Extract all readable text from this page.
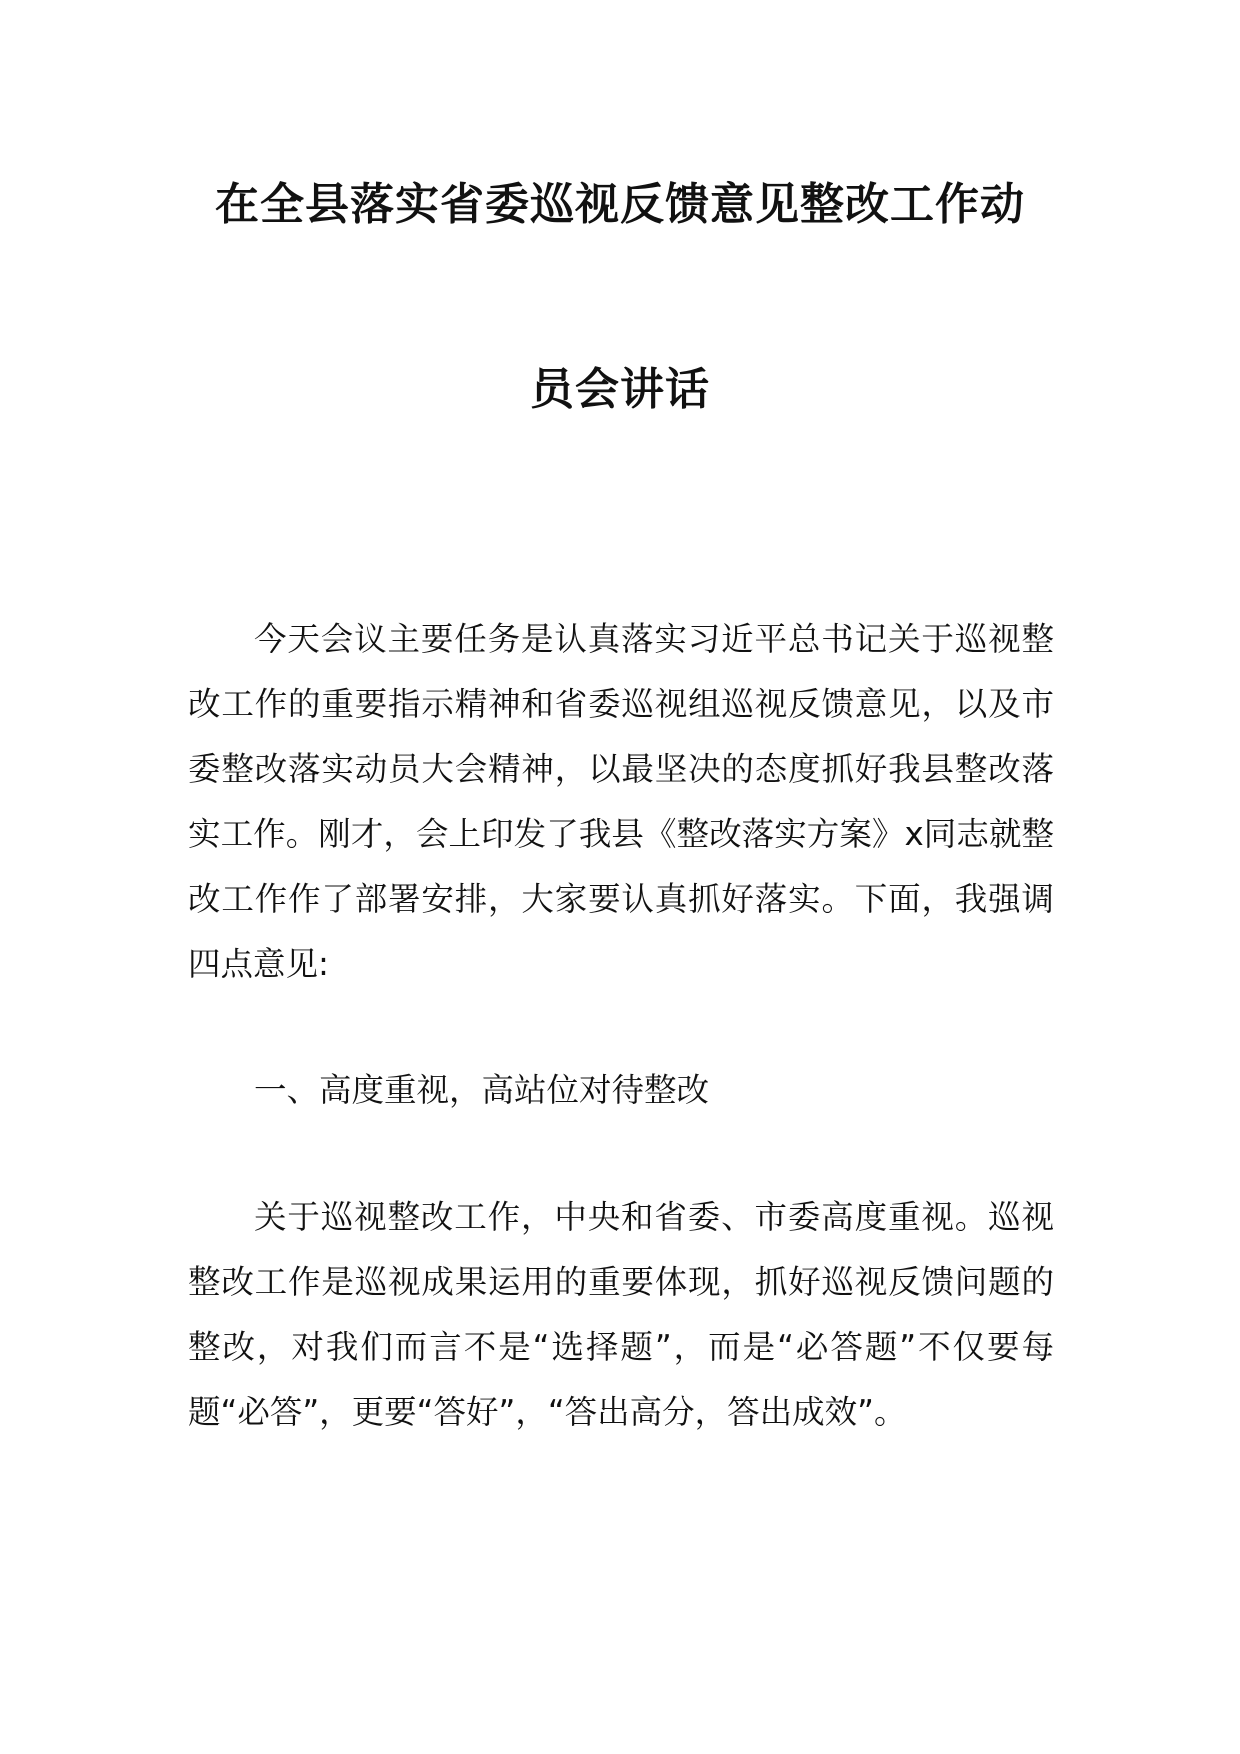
在全县落实省委巡视反馈意见整改工作动
员会讲话
今天会议主要任务是认真落实习近平总书记关于巡视整改工作的重要指示精神和省委巡视组巡视反馈意见，以及市委整改落实动员大会精神，以最坚决的态度抓好我县整改落实工作。刚才，会上印发了我县《整改落实方案》x同志就整改工作作了部署安排，大家要认真抓好落实。下面，我强调四点意见:
一、高度重视，高站位对待整改
关于巡视整改工作，中央和省委、市委高度重视。巡视整改工作是巡视成果运用的重要体现，抓好巡视反馈问题的整改，对我们而言不是“选择题”，而是“必答题”不仅要每题“必答”，更要“答好”，“答出高分，答出成效”。
